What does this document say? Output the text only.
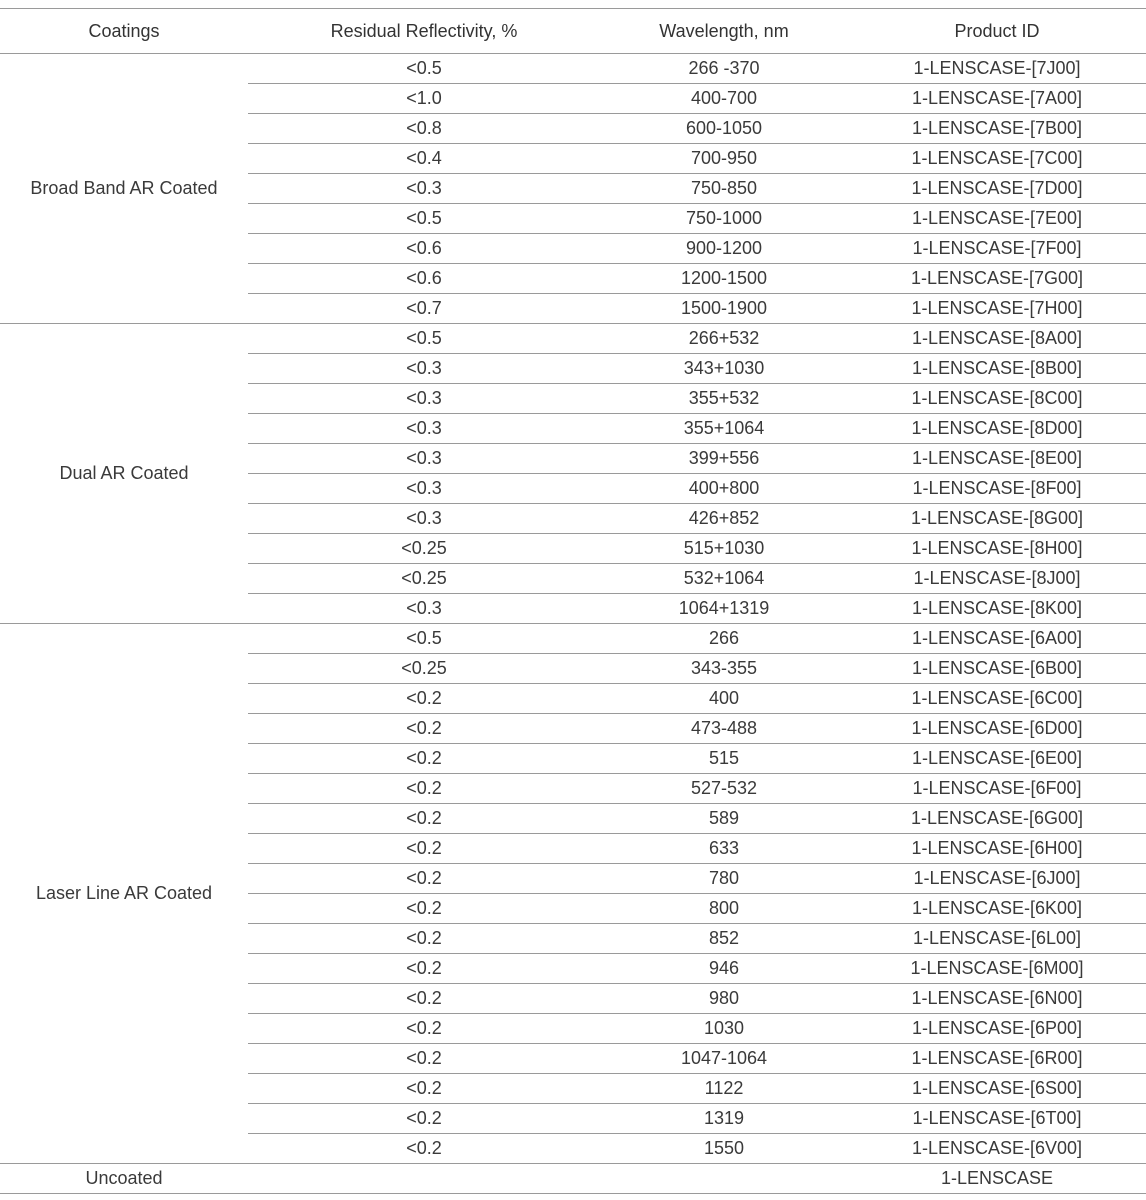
Coatings	Residual Reflectivity, %	Wavelength, nm	Product ID
Broad Band AR Coated	<0.5	266 -370	1-LENSCASE-[7J00]
	<1.0	400-700	1-LENSCASE-[7A00]
	<0.8	600-1050	1-LENSCASE-[7B00]
	<0.4	700-950	1-LENSCASE-[7C00]
	<0.3	750-850	1-LENSCASE-[7D00]
	<0.5	750-1000	1-LENSCASE-[7E00]
	<0.6	900-1200	1-LENSCASE-[7F00]
	<0.6	1200-1500	1-LENSCASE-[7G00]
	<0.7	1500-1900	1-LENSCASE-[7H00]
Dual AR Coated	<0.5	266+532	1-LENSCASE-[8A00]
	<0.3	343+1030	1-LENSCASE-[8B00]
	<0.3	355+532	1-LENSCASE-[8C00]
	<0.3	355+1064	1-LENSCASE-[8D00]
	<0.3	399+556	1-LENSCASE-[8E00]
	<0.3	400+800	1-LENSCASE-[8F00]
	<0.3	426+852	1-LENSCASE-[8G00]
	<0.25	515+1030	1-LENSCASE-[8H00]
	<0.25	532+1064	1-LENSCASE-[8J00]
	<0.3	1064+1319	1-LENSCASE-[8K00]
Laser Line AR Coated	<0.5	266	1-LENSCASE-[6A00]
	<0.25	343-355	1-LENSCASE-[6B00]
	<0.2	400	1-LENSCASE-[6C00]
	<0.2	473-488	1-LENSCASE-[6D00]
	<0.2	515	1-LENSCASE-[6E00]
	<0.2	527-532	1-LENSCASE-[6F00]
	<0.2	589	1-LENSCASE-[6G00]
	<0.2	633	1-LENSCASE-[6H00]
	<0.2	780	1-LENSCASE-[6J00]
	<0.2	800	1-LENSCASE-[6K00]
	<0.2	852	1-LENSCASE-[6L00]
	<0.2	946	1-LENSCASE-[6M00]
	<0.2	980	1-LENSCASE-[6N00]
	<0.2	1030	1-LENSCASE-[6P00]
	<0.2	1047-1064	1-LENSCASE-[6R00]
	<0.2	1122	1-LENSCASE-[6S00]
	<0.2	1319	1-LENSCASE-[6T00]
	<0.2	1550	1-LENSCASE-[6V00]
Uncoated			1-LENSCASE
